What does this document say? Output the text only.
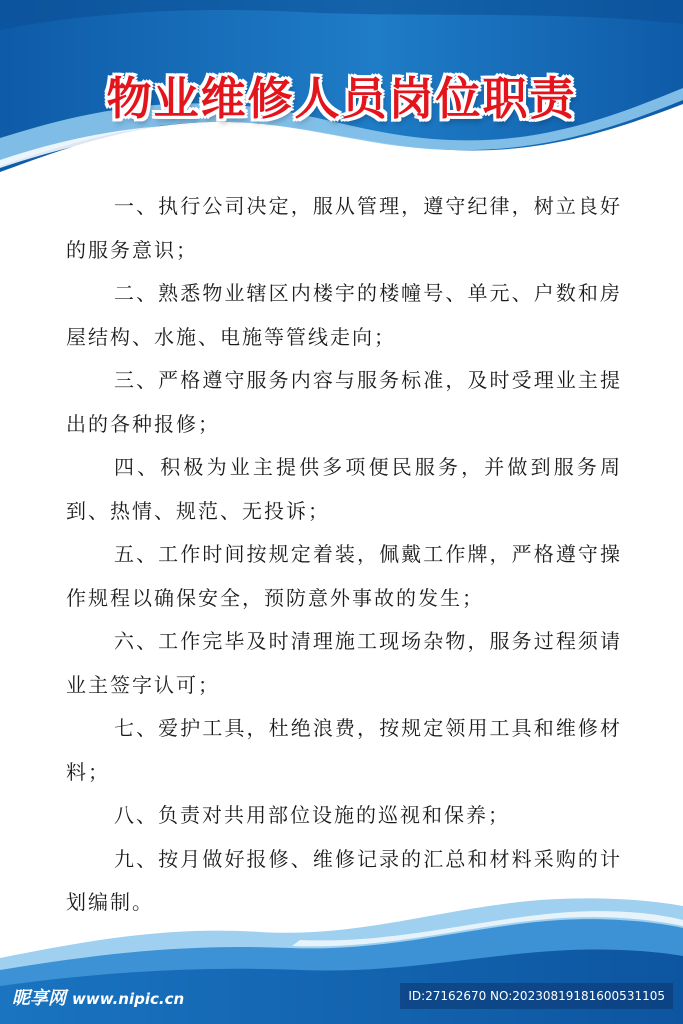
物业维修人员岗位职责
一、执行公司决定，服从管理，遵守纪律，树立良好的服务意识；
二、熟悉物业辖区内楼宇的楼幢号、单元、户数和房屋结构、水施、电施等管线走向；
三、严格遵守服务内容与服务标准，及时受理业主提出的各种报修；
四、积极为业主提供多项便民服务，并做到服务周到、热情、规范、无投诉；
五、工作时间按规定着装，佩戴工作牌，严格遵守操作规程以确保安全，预防意外事故的发生；
六、工作完毕及时清理施工现场杂物，服务过程须请业主签字认可；
七、爱护工具，杜绝浪费，按规定领用工具和维修材料；
八、负责对共用部位设施的巡视和保养；
九、按月做好报修、维修记录的汇总和材料采购的计划编制。
昵享网 www.nipic.cn	ID:27162670 NO:20230819181600531105
